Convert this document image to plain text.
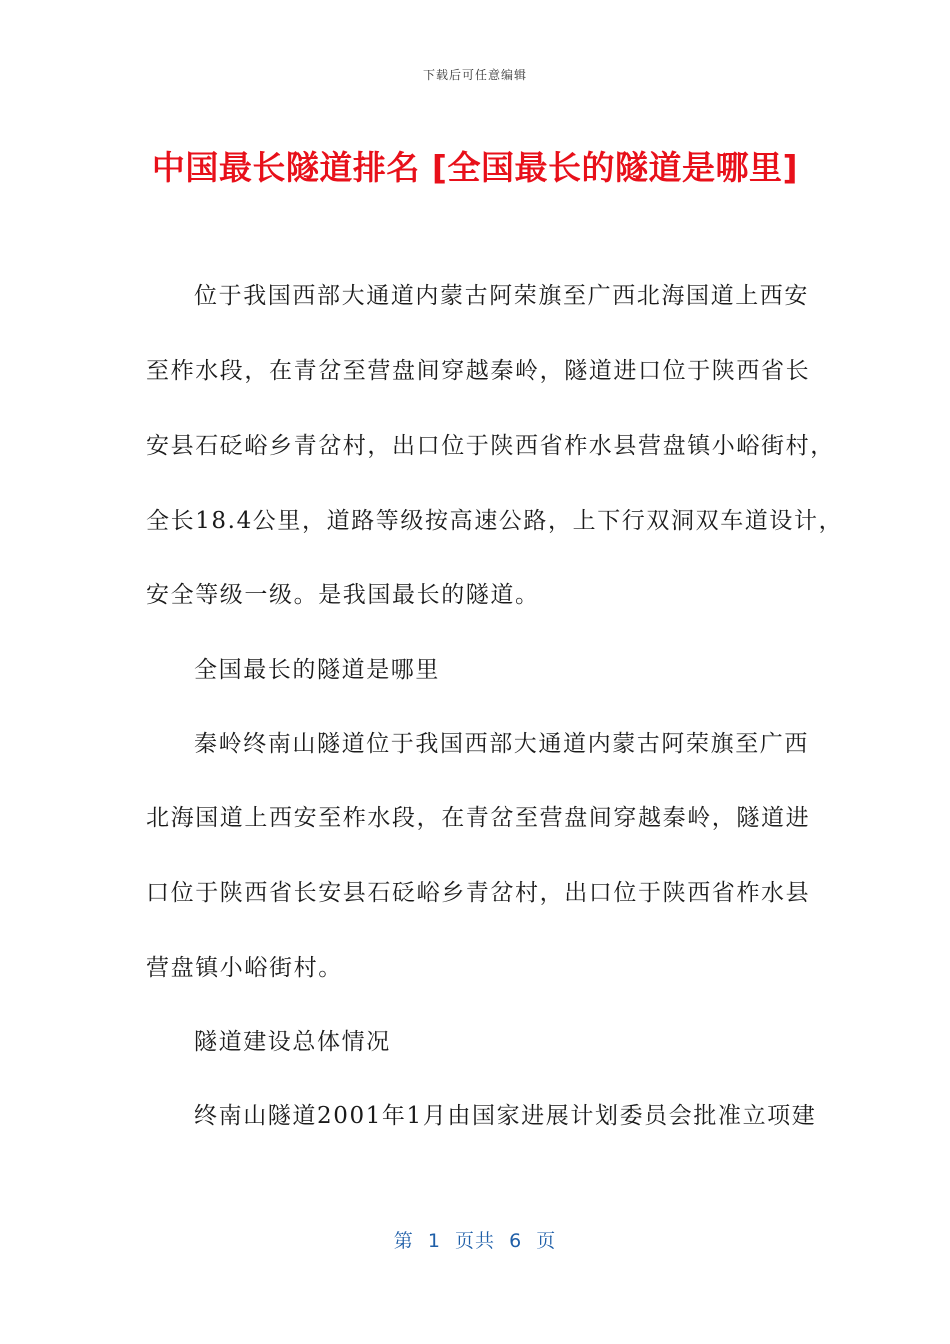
下载后可任意编辑
中国最长隧道排名 [全国最长的隧道是哪里]
位于我国西部大通道内蒙古阿荣旗至广西北海国道上西安
至柞水段，在青岔至营盘间穿越秦岭，隧道进口位于陕西省长
安县石砭峪乡青岔村，出口位于陕西省柞水县营盘镇小峪街村，
全长18.4公里，道路等级按高速公路，上下行双洞双车道设计，
安全等级一级。是我国最长的隧道。
全国最长的隧道是哪里
秦岭终南山隧道位于我国西部大通道内蒙古阿荣旗至广西
北海国道上西安至柞水段，在青岔至营盘间穿越秦岭，隧道进
口位于陕西省长安县石砭峪乡青岔村，出口位于陕西省柞水县
营盘镇小峪街村。
隧道建设总体情况
终南山隧道2001年1月由国家进展计划委员会批准立项建
第  1  页共  6  页
